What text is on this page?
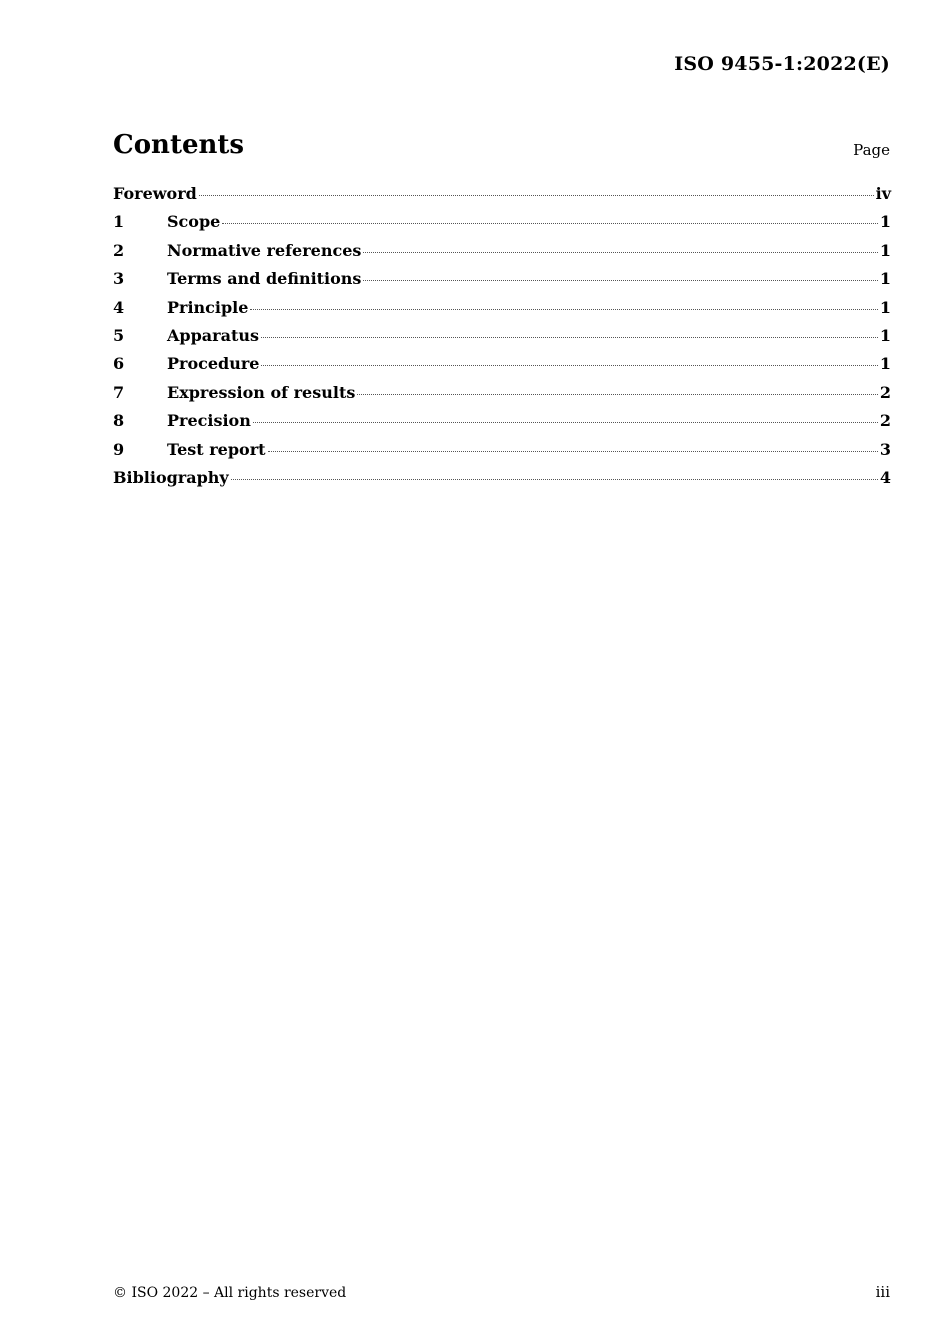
ISO 9455-1:2022(E)
Contents	Page
Foreword	iv
1	Scope	1
2	Normative references	1
3	Terms and definitions	1
4	Principle	1
5	Apparatus	1
6	Procedure	1
7	Expression of results	2
8	Precision	2
9	Test report	3
Bibliography	4
© ISO 2022 – All rights reserved	iii
